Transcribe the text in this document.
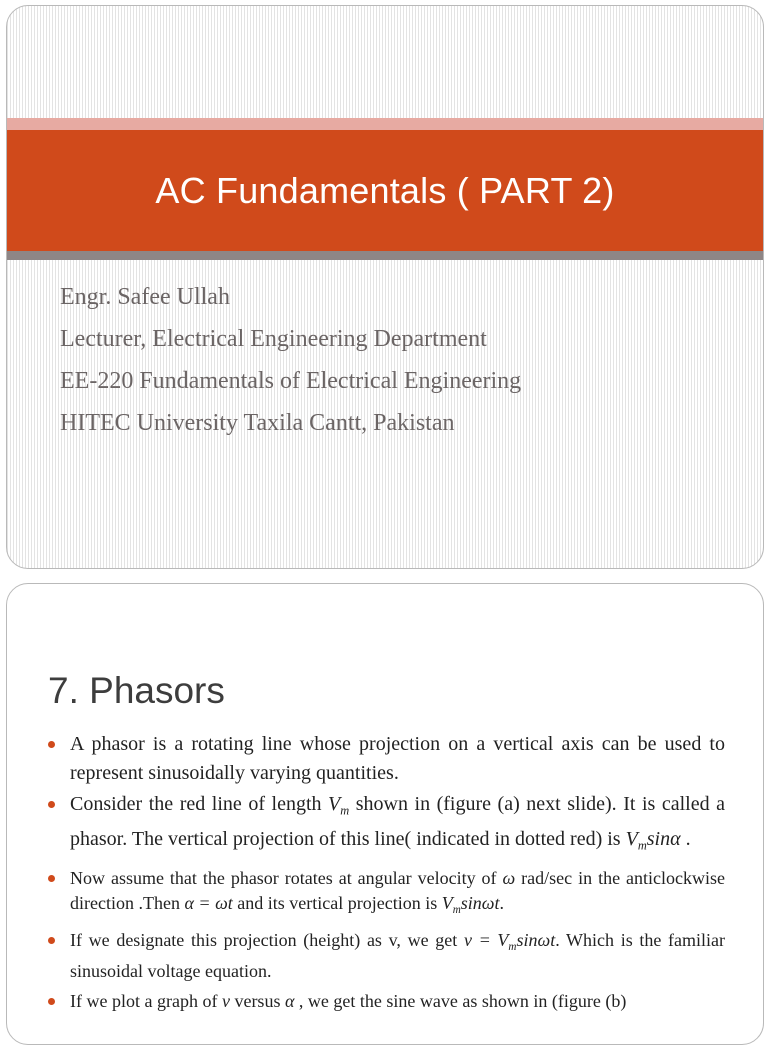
AC Fundamentals ( PART 2)
Engr. Safee Ullah
Lecturer, Electrical Engineering Department
EE-220 Fundamentals of Electrical Engineering
HITEC University Taxila Cantt, Pakistan
7. Phasors
A phasor is a rotating line whose projection on a vertical axis can be used to represent sinusoidally varying quantities.
Consider the red line of length $V_m$ shown in (figure (a) next slide). It is called a phasor. The vertical projection of this line( indicated in dotted red) is $V_m\sin\alpha$ .
Now assume that the phasor rotates at angular velocity of ω rad/sec in the anticlockwise direction .Then α = ωt and its vertical projection is $V_m\sin\omega t$.
If we designate this projection (height) as v, we get $v = V_m\sin\omega t$. Which is the familiar sinusoidal voltage equation.
If we plot a graph of v versus α , we get the sine wave as shown in (figure (b)
